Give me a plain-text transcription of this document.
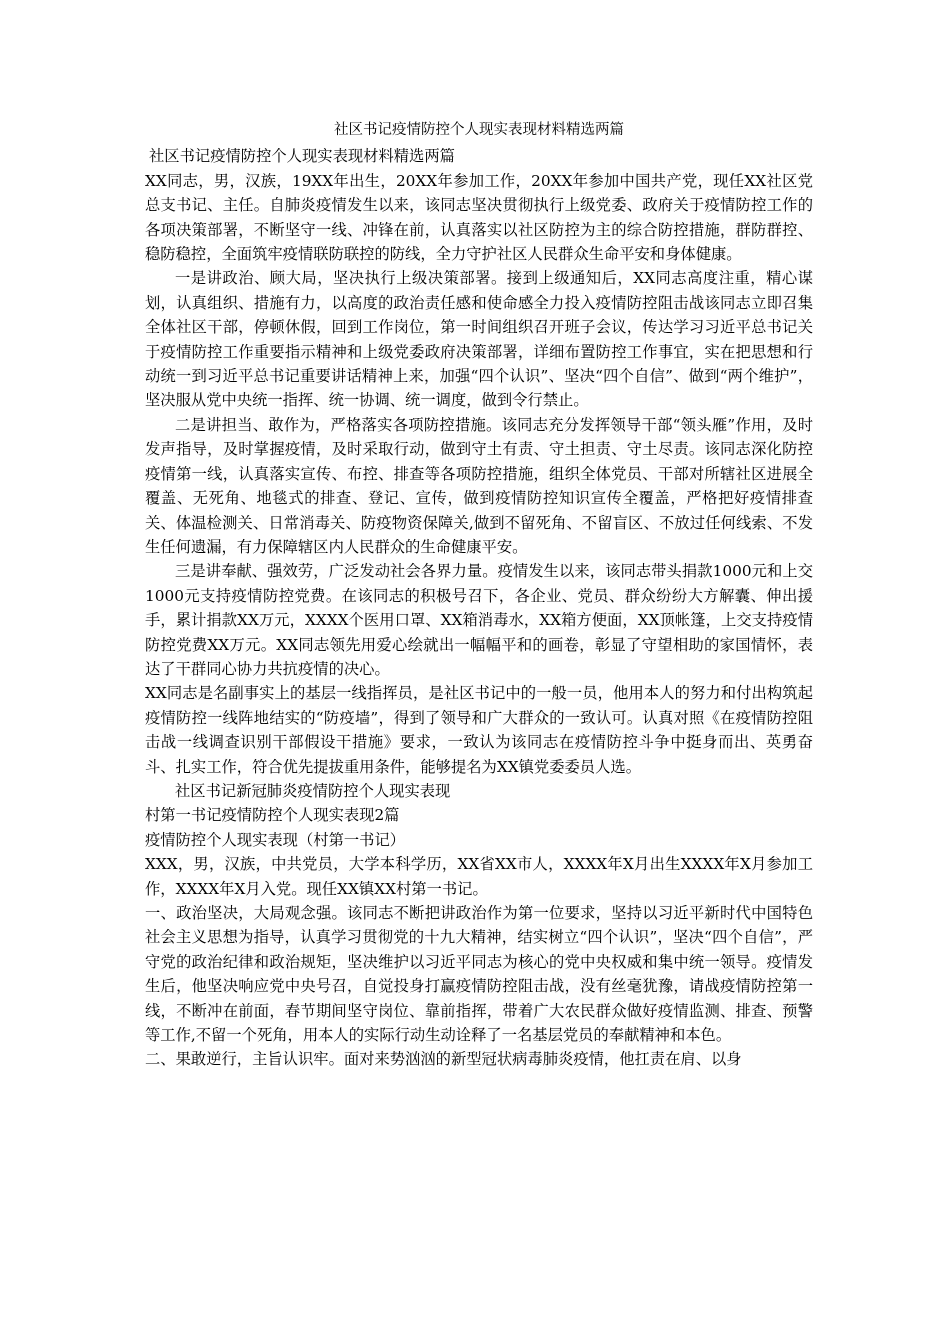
社区书记疫情防控个人现实表现材料精选两篇

社区书记疫情防控个人现实表现材料精选两篇

XX同志，男，汉族，19XX年出生，20XX年参加工作，20XX年参加中国共产党，现任XX社区党总支书记、主任。自肺炎疫情发生以来，该同志坚决贯彻执行上级党委、政府关于疫情防控工作的各项决策部署，不断坚守一线、冲锋在前，认真落实以社区防控为主的综合防控措施，群防群控、稳防稳控，全面筑牢疫情联防联控的防线，全力守护社区人民群众生命平安和身体健康。

一是讲政治、顾大局，坚决执行上级决策部署。接到上级通知后，XX同志高度注重，精心谋划，认真组织、措施有力，以高度的政治责任感和使命感全力投入疫情防控阻击战该同志立即召集全体社区干部，停顿休假，回到工作岗位，第一时间组织召开班子会议，传达学习习近平总书记关于疫情防控工作重要指示精神和上级党委政府决策部署，详细布置防控工作事宜，实在把思想和行动统一到习近平总书记重要讲话精神上来，加强“四个认识”、坚决“四个自信”、做到“两个维护”，坚决服从党中央统一指挥、统一协调、统一调度，做到令行禁止。

二是讲担当、敢作为，严格落实各项防控措施。该同志充分发挥领导干部“领头雁”作用，及时发声指导，及时掌握疫情，及时采取行动，做到守土有责、守土担责、守土尽责。该同志深化防控疫情第一线，认真落实宣传、布控、排查等各项防控措施，组织全体党员、干部对所辖社区进展全覆盖、无死角、地毯式的排查、登记、宣传，做到疫情防控知识宣传全覆盖，严格把好疫情排查关、体温检测关、日常消毒关、防疫物资保障关,做到不留死角、不留盲区、不放过任何线索、不发生任何遗漏，有力保障辖区内人民群众的生命健康平安。

三是讲奉献、强效劳，广泛发动社会各界力量。疫情发生以来，该同志带头捐款1000元和上交1000元支持疫情防控党费。在该同志的积极号召下，各企业、党员、群众纷纷大方解囊、伸出援手，累计捐款XX万元，XXXX个医用口罩、XX箱消毒水，XX箱方便面，XX顶帐篷，上交支持疫情防控党费XX万元。XX同志领先用爱心绘就出一幅幅平和的画卷，彰显了守望相助的家国情怀，表达了干群同心协力共抗疫情的决心。

XX同志是名副事实上的基层一线指挥员，是社区书记中的一般一员，他用本人的努力和付出构筑起疫情防控一线阵地结实的“防疫墙”，得到了领导和广大群众的一致认可。认真对照《在疫情防控阻击战一线调查识别干部假设干措施》要求，一致认为该同志在疫情防控斗争中挺身而出、英勇奋斗、扎实工作，符合优先提拔重用条件，能够提名为XX镇党委委员人选。

社区书记新冠肺炎疫情防控个人现实表现

村第一书记疫情防控个人现实表现2篇

疫情防控个人现实表现（村第一书记）

XXX，男，汉族，中共党员，大学本科学历，XX省XX市人，XXXX年X月出生XXXX年X月参加工作，XXXX年X月入党。现任XX镇XX村第一书记。

一、政治坚决，大局观念强。该同志不断把讲政治作为第一位要求，坚持以习近平新时代中国特色社会主义思想为指导，认真学习贯彻党的十九大精神，结实树立“四个认识”，坚决“四个自信”，严守党的政治纪律和政治规矩，坚决维护以习近平同志为核心的党中央权威和集中统一领导。疫情发生后，他坚决响应党中央号召，自觉投身打赢疫情防控阻击战，没有丝毫犹豫，请战疫情防控第一线，不断冲在前面，春节期间坚守岗位、靠前指挥，带着广大农民群众做好疫情监测、排查、预警等工作,不留一个死角，用本人的实际行动生动诠释了一名基层党员的奉献精神和本色。

二、果敢逆行，主旨认识牢。面对来势汹汹的新型冠状病毒肺炎疫情，他扛责在肩、以身
